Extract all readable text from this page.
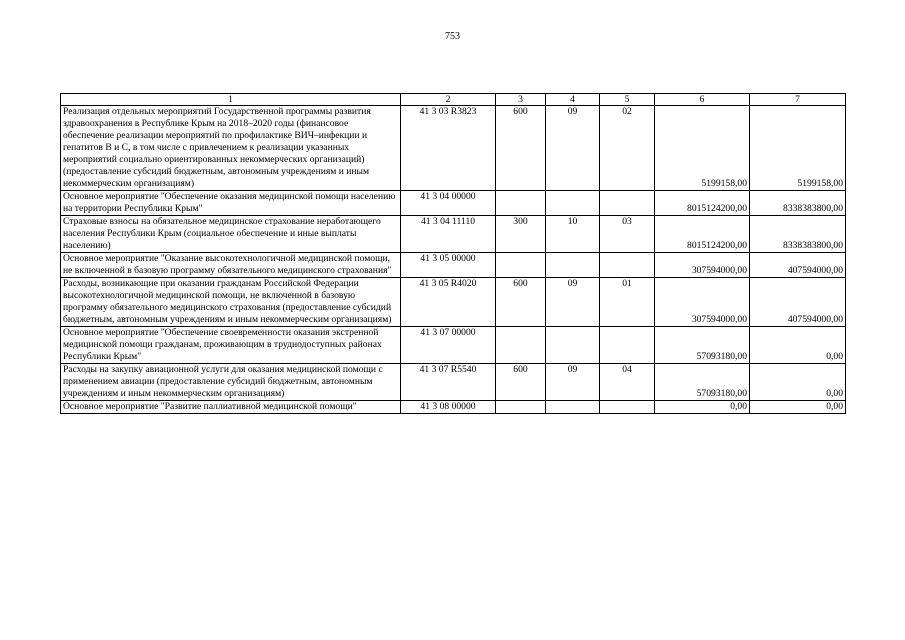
753
1	2	3	4	5	6	7
Реализация отдельных мероприятий Государственной программы развития здравоохранения в Республике Крым на 2018–2020 годы (финансовое обеспечение реализации мероприятий по профилактике ВИЧ–инфекции и гепатитов В и С, в том числе с привлечением к реализации указанных мероприятий социально ориентированных некоммерческих организаций) (предоставление субсидий бюджетным, автономным учреждениям и иным некоммерческим организациям)	41 3 03 R3823	600	09	02	5199158,00	5199158,00
Основное мероприятие "Обеспечение оказания медицинской помощи населению на территории Республики Крым"	41 3 04 00000				8015124200,00	8338383800,00
Страховые взносы на обязательное медицинское страхование неработающего населения Республики Крым (социальное обеспечение и иные выплаты населению)	41 3 04 11110	300	10	03	8015124200,00	8338383800,00
Основное мероприятие "Оказание высокотехнологичной медицинской помощи, не включенной в базовую программу обязательного медицинского страхования"	41 3 05 00000				307594000,00	407594000,00
Расходы, возникающие при оказании гражданам Российской Федерации высокотехнологичной медицинской помощи, не включенной в базовую программу обязательного медицинского страхования (предоставление субсидий бюджетным, автономным учреждениям и иным некоммерческим организациям)	41 3 05 R4020	600	09	01	307594000,00	407594000,00
Основное мероприятие "Обеспечение своевременности оказания экстренной медицинской помощи гражданам, проживающим в труднодоступных районах Республики Крым"	41 3 07 00000				57093180,00	0,00
Расходы на закупку авиационной услуги для оказания медицинской помощи с применением авиации (предоставление субсидий бюджетным, автономным учреждениям и иным некоммерческим организациям)	41 3 07 R5540	600	09	04	57093180,00	0,00
Основное мероприятие "Развитие паллиативной медицинской помощи"	41 3 08 00000				0,00	0,00
